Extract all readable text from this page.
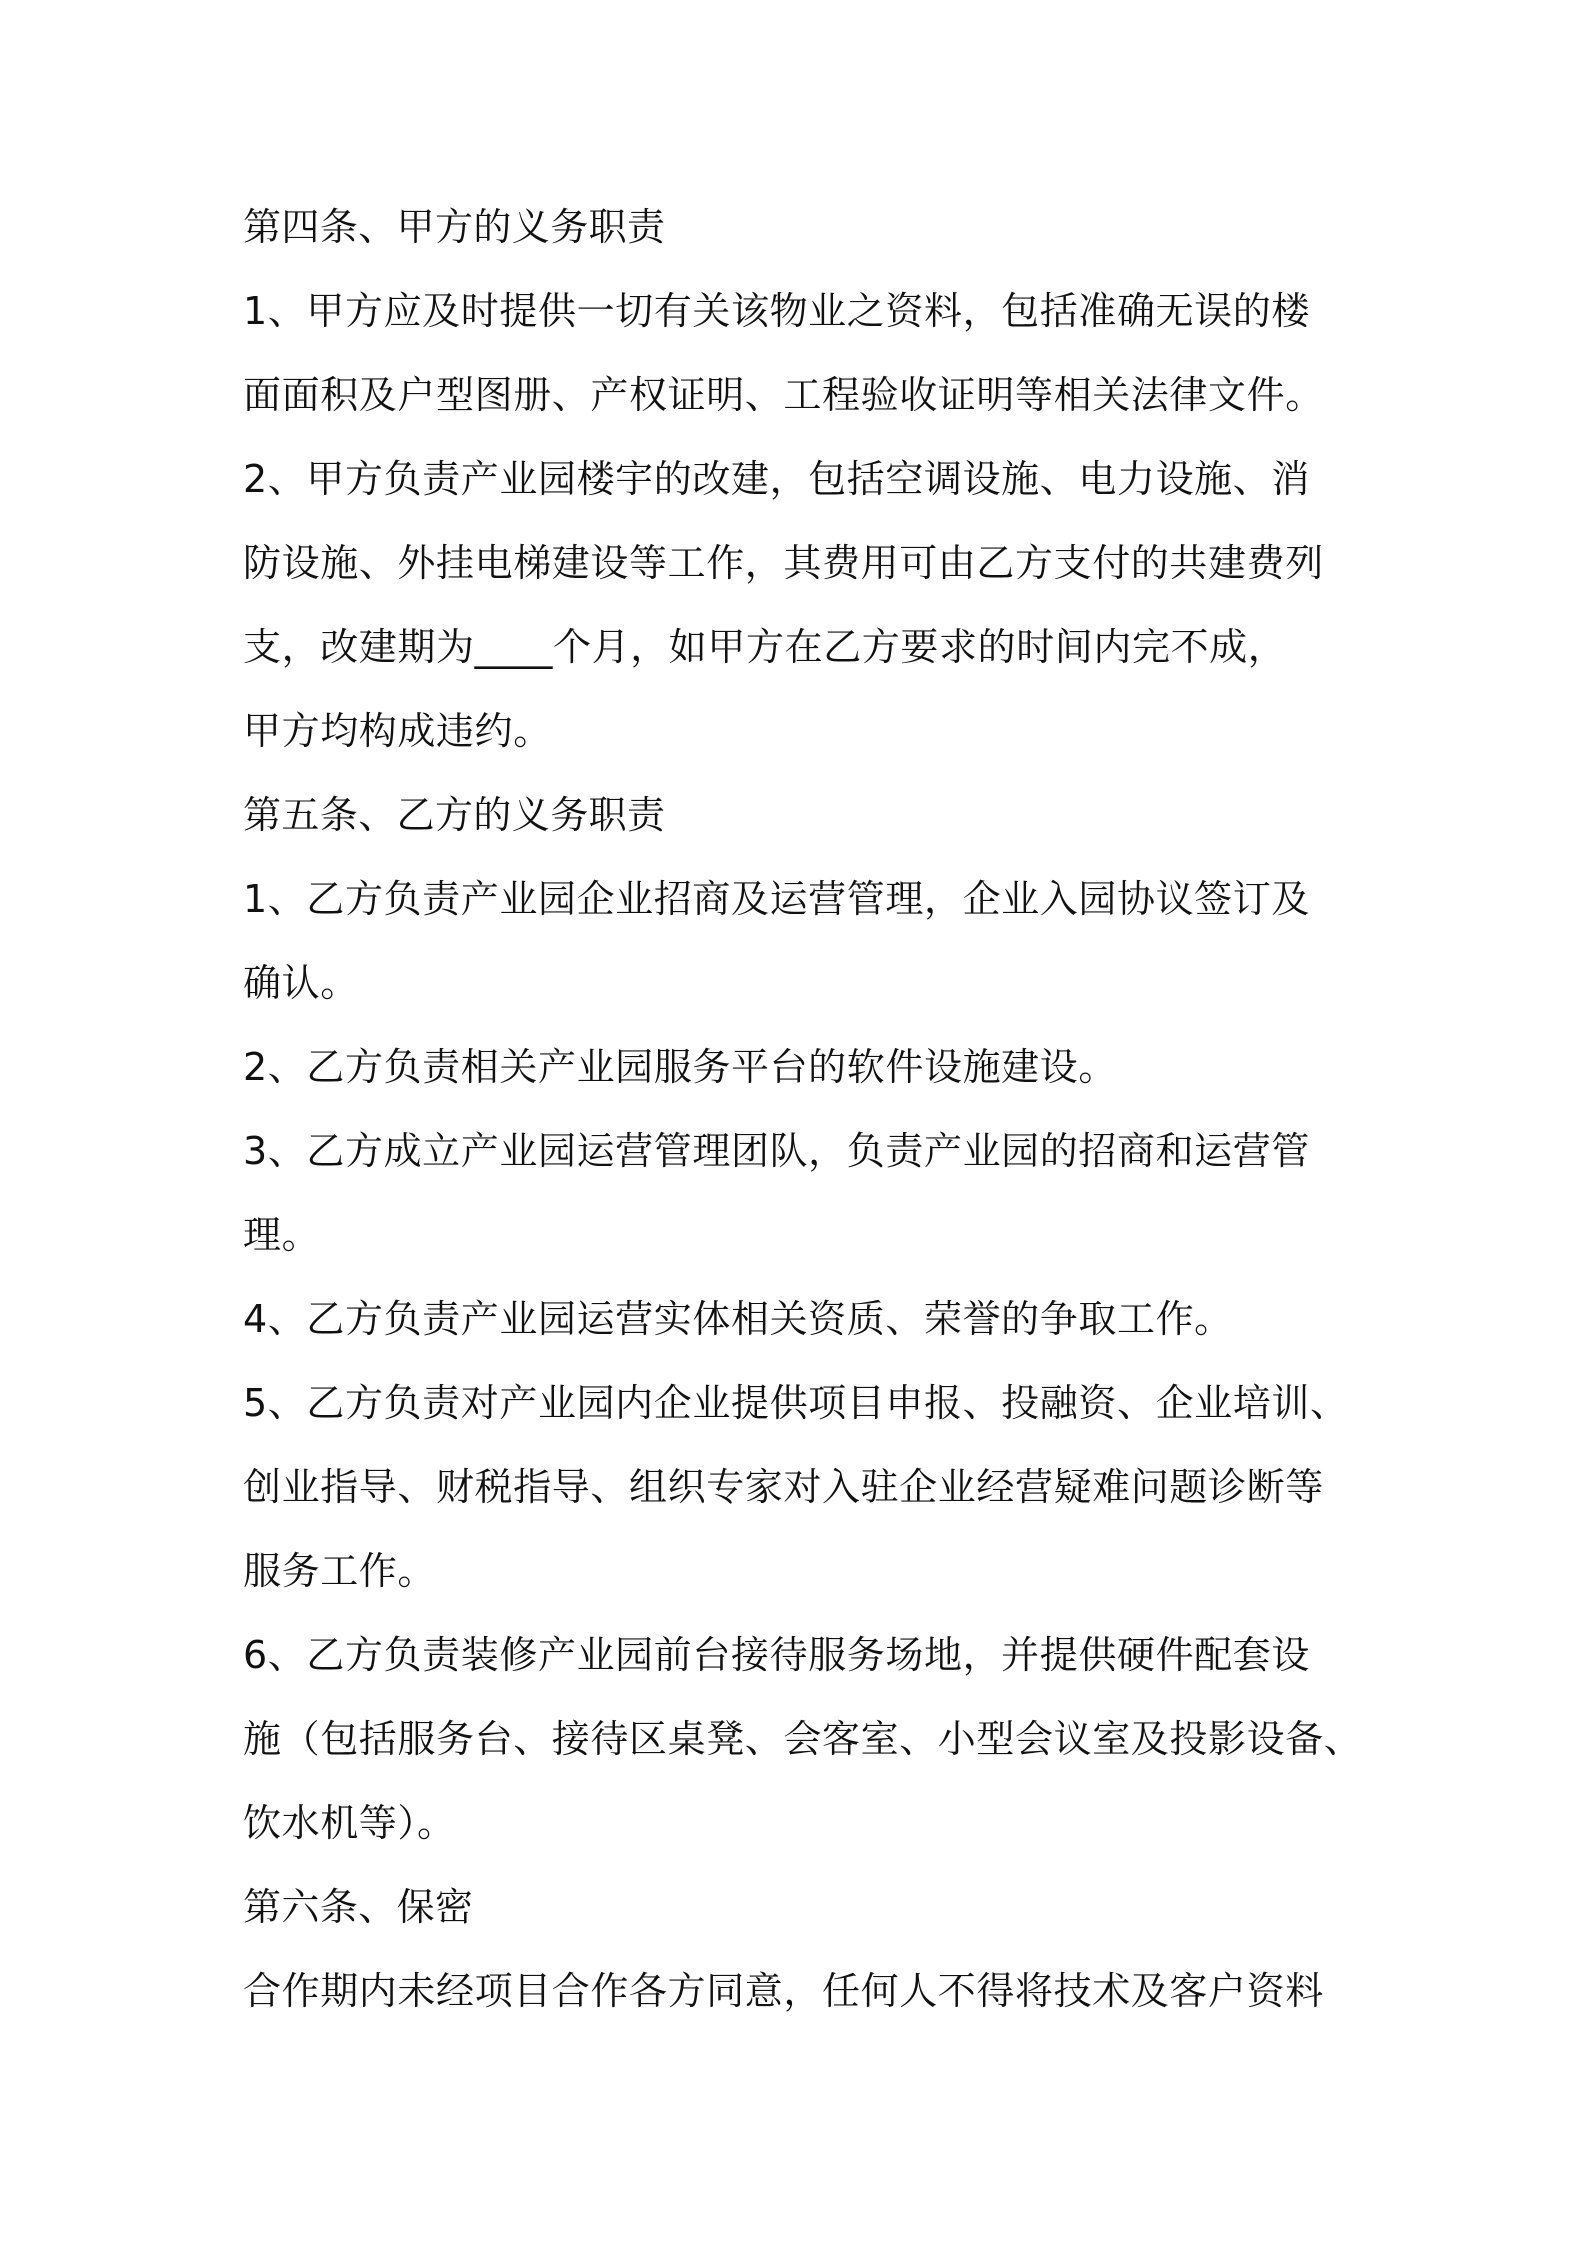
第四条、甲方的义务职责
1、甲方应及时提供一切有关该物业之资料，包括准确无误的楼
面面积及户型图册、产权证明、工程验收证明等相关法律文件。
2、甲方负责产业园楼宇的改建，包括空调设施、电力设施、消
防设施、外挂电梯建设等工作，其费用可由乙方支付的共建费列
支，改建期为____个月，如甲方在乙方要求的时间内完不成，
甲方均构成违约。
第五条、乙方的义务职责
1、乙方负责产业园企业招商及运营管理，企业入园协议签订及
确认。
2、乙方负责相关产业园服务平台的软件设施建设。
3、乙方成立产业园运营管理团队，负责产业园的招商和运营管
理。
4、乙方负责产业园运营实体相关资质、荣誉的争取工作。
5、乙方负责对产业园内企业提供项目申报、投融资、企业培训、
创业指导、财税指导、组织专家对入驻企业经营疑难问题诊断等
服务工作。
6、乙方负责装修产业园前台接待服务场地，并提供硬件配套设
施（包括服务台、接待区桌凳、会客室、小型会议室及投影设备、
饮水机等）。
第六条、保密
合作期内未经项目合作各方同意，任何人不得将技术及客户资料
